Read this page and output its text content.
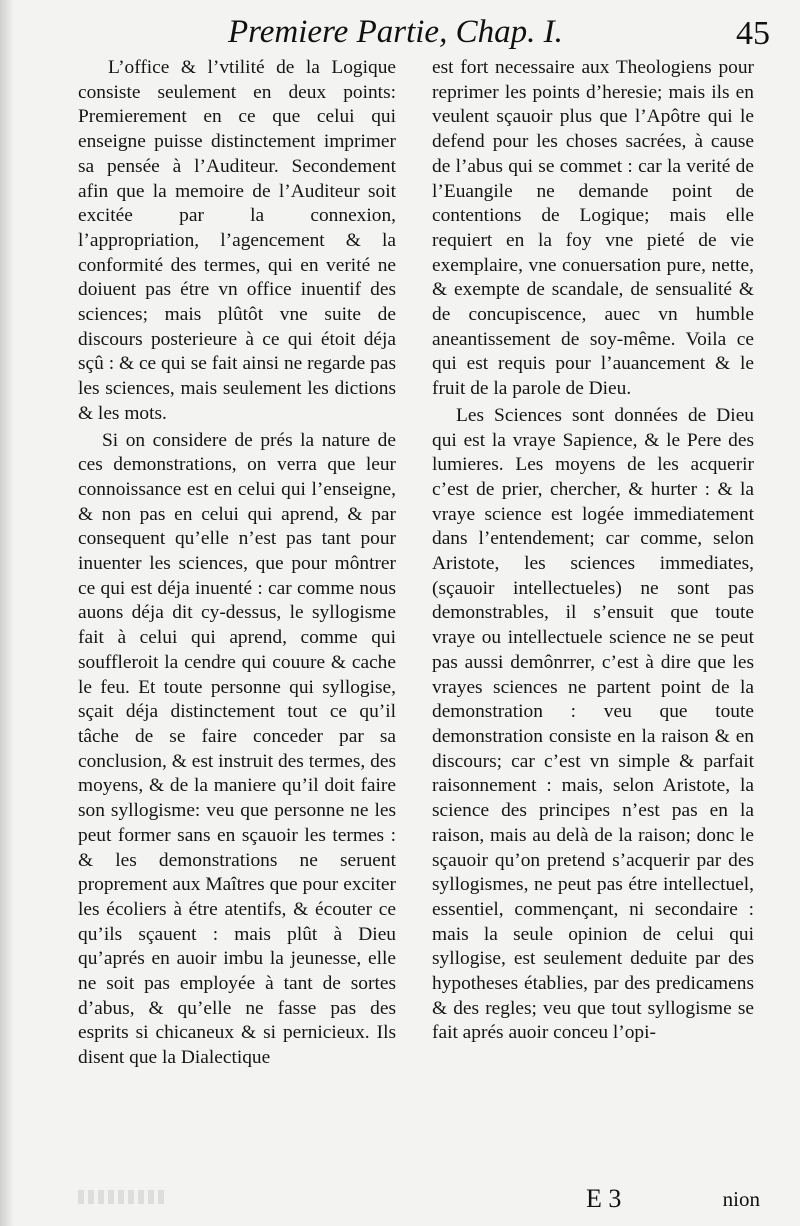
Premiere Partie, Chap. I.	45

L’office & l’vtilité de la Logique consiste seulement en deux points: Premierement en ce que celui qui enseigne puisse distinctement imprimer sa pensée à l’Auditeur. Secondement afin que la memoire de l’Auditeur soit excitée par la connexion, l’appropriation, l’agencement & la conformité des termes, qui en verité ne doiuent pas étre vn office inuentif des sciences; mais plûtôt vne suite de discours posterieure à ce qui étoit déja sçû : & ce qui se fait ainsi ne regarde pas les sciences, mais seulement les dictions & les mots.

Si on considere de prés la nature de ces demonstrations, on verra que leur connoissance est en celui qui l’enseigne, & non pas en celui qui aprend, & par consequent qu’elle n’est pas tant pour inuenter les sciences, que pour môntrer ce qui est déja inuenté : car comme nous auons déja dit cy-dessus, le syllogisme fait à celui qui aprend, comme qui souffleroit la cendre qui couure & cache le feu. Et toute personne qui syllogise, sçait déja distinctement tout ce qu’il tâche de se faire conceder par sa conclusion, & est instruit des termes, des moyens, & de la maniere qu’il doit faire son syllogisme: veu que personne ne les peut former sans en sçauoir les termes : & les demonstrations ne seruent proprement aux Maîtres que pour exciter les écoliers à étre atentifs, & écouter ce qu’ils sçauent : mais plût à Dieu qu’aprés en auoir imbu la jeunesse, elle ne soit pas employée à tant de sortes d’abus, & qu’elle ne fasse pas des esprits si chicaneux & si pernicieux. Ils disent que la Dialectique

est fort necessaire aux Theologiens pour reprimer les points d’heresie; mais ils en veulent sçauoir plus que l’Apôtre qui le defend pour les choses sacrées, à cause de l’abus qui se commet : car la verité de l’Euangile ne demande point de contentions de Logique; mais elle requiert en la foy vne pieté de vie exemplaire, vne conuersation pure, nette, & exempte de scandale, de sensualité & de concupiscence, auec vn humble aneantissement de soy-même. Voila ce qui est requis pour l’auancement & le fruit de la parole de Dieu.

Les Sciences sont données de Dieu qui est la vraye Sapience, & le Pere des lumieres. Les moyens de les acquerir c’est de prier, chercher, & hurter : & la vraye science est logée immediatement dans l’entendement; car comme, selon Aristote, les sciences immediates, (sçauoir intellectueles) ne sont pas demonstrables, il s’ensuit que toute vraye ou intellectuele science ne se peut pas aussi demônrrer, c’est à dire que les vrayes sciences ne partent point de la demonstration : veu que toute demonstration consiste en la raison & en discours; car c’est vn simple & parfait raisonnement : mais, selon Aristote, la science des principes n’est pas en la raison, mais au delà de la raison; donc le sçauoir qu’on pretend s’acquerir par des syllogismes, ne peut pas étre intellectuel, essentiel, commençant, ni secondaire : mais la seule opinion de celui qui syllogise, est seulement deduite par des hypotheses établies, par des predicamens & des regles; veu que tout syllogisme se fait aprés auoir conceu l’opi-

E 3	nion
